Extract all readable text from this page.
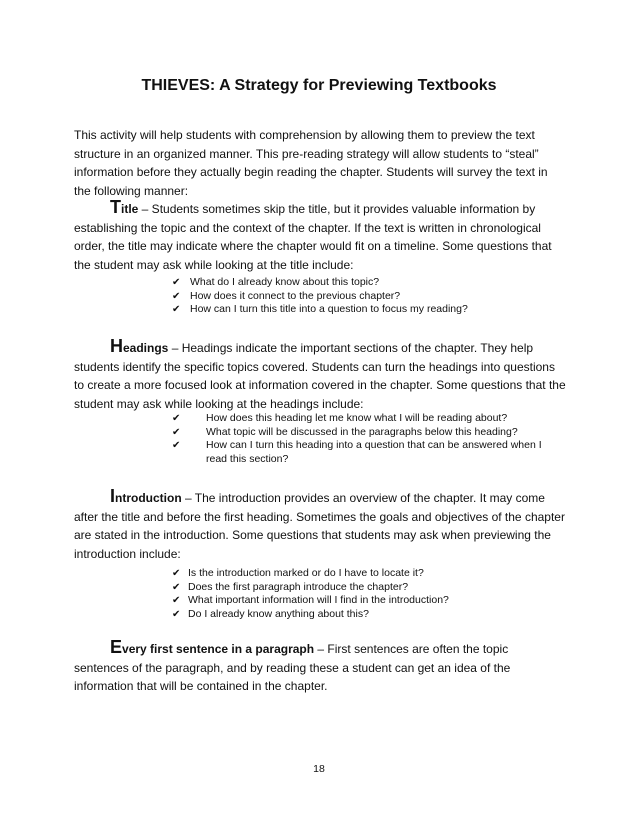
THIEVES: A Strategy for Previewing Textbooks
This activity will help students with comprehension by allowing them to preview the text structure in an organized manner. This pre-reading strategy will allow students to “steal” information before they actually begin reading the chapter. Students will survey the text in the following manner:
Title – Students sometimes skip the title, but it provides valuable information by establishing the topic and the context of the chapter. If the text is written in chronological order, the title may indicate where the chapter would fit on a timeline. Some questions that the student may ask while looking at the title include:
✔ What do I already know about this topic?
✔ How does it connect to the previous chapter?
✔ How can I turn this title into a question to focus my reading?
Headings – Headings indicate the important sections of the chapter. They help students identify the specific topics covered. Students can turn the headings into questions to create a more focused look at information covered in the chapter. Some questions that the student may ask while looking at the headings include:
✔ How does this heading let me know what I will be reading about?
✔ What topic will be discussed in the paragraphs below this heading?
✔ How can I turn this heading into a question that can be answered when I read this section?
Introduction – The introduction provides an overview of the chapter. It may come after the title and before the first heading. Sometimes the goals and objectives of the chapter are stated in the introduction. Some questions that students may ask when previewing the introduction include:
✔ Is the introduction marked or do I have to locate it?
✔ Does the first paragraph introduce the chapter?
✔ What important information will I find in the introduction?
✔ Do I already know anything about this?
Every first sentence in a paragraph – First sentences are often the topic sentences of the paragraph, and by reading these a student can get an idea of the information that will be contained in the chapter.
18
